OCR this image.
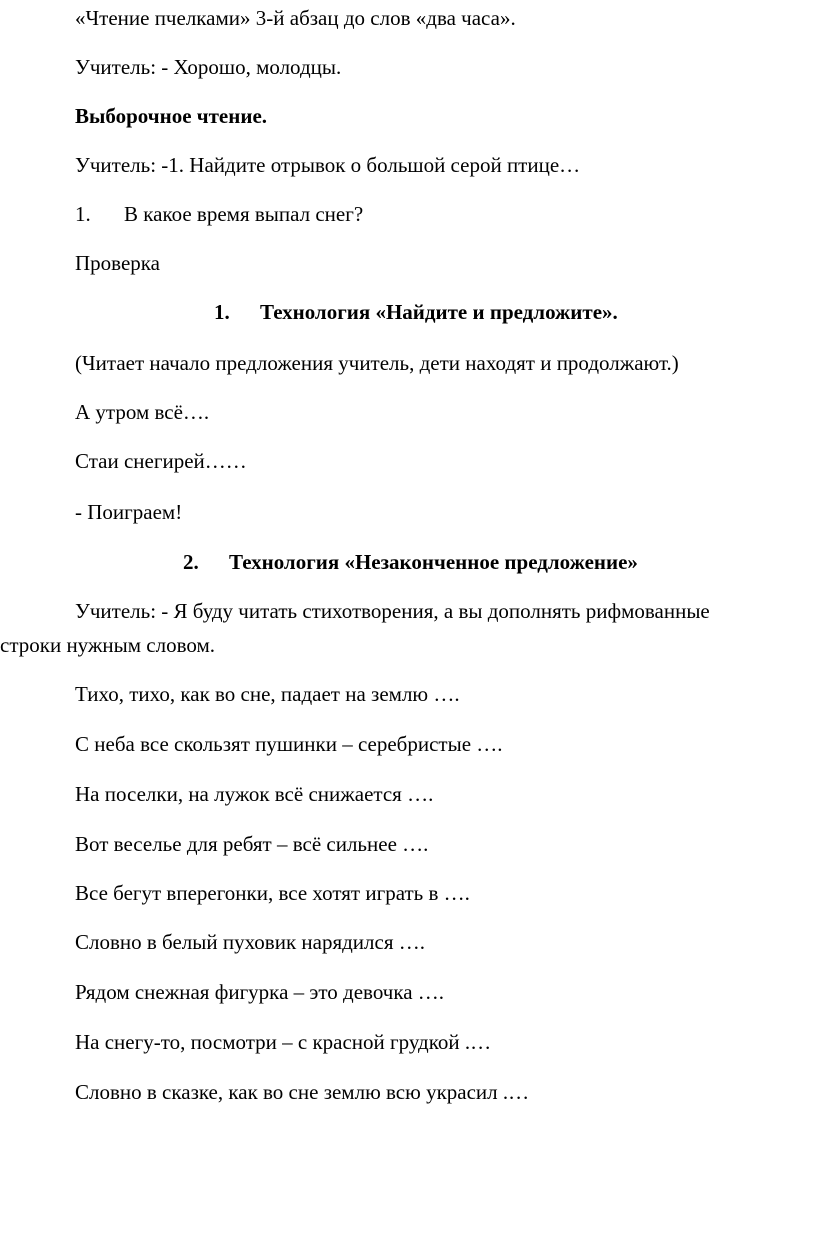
«Чтение пчелками» 3-й абзац до слов «два часа».

Учитель: - Хорошо, молодцы.

Выборочное чтение.

Учитель: -1. Найдите отрывок о большой серой птице…

1. В какое время выпал снег?

Проверка

1. Технология «Найдите и предложите».

(Читает начало предложения учитель, дети находят и продолжают.)

А утром всё….

Стаи снегирей……

- Поиграем!

2. Технология «Незаконченное предложение»

Учитель: - Я буду читать стихотворения, а вы дополнять рифмованные

строки нужным словом.

Тихо, тихо, как во сне, падает на землю ….

С неба все скользят пушинки – серебристые ….

На поселки, на лужок всё снижается ….

Вот веселье для ребят – всё сильнее ….

Все бегут вперегонки, все хотят играть в ….

Словно в белый пуховик нарядился ….

Рядом снежная фигурка – это девочка ….

На снегу-то, посмотри – с красной грудкой .…

Словно в сказке, как во сне землю всю украсил .…
